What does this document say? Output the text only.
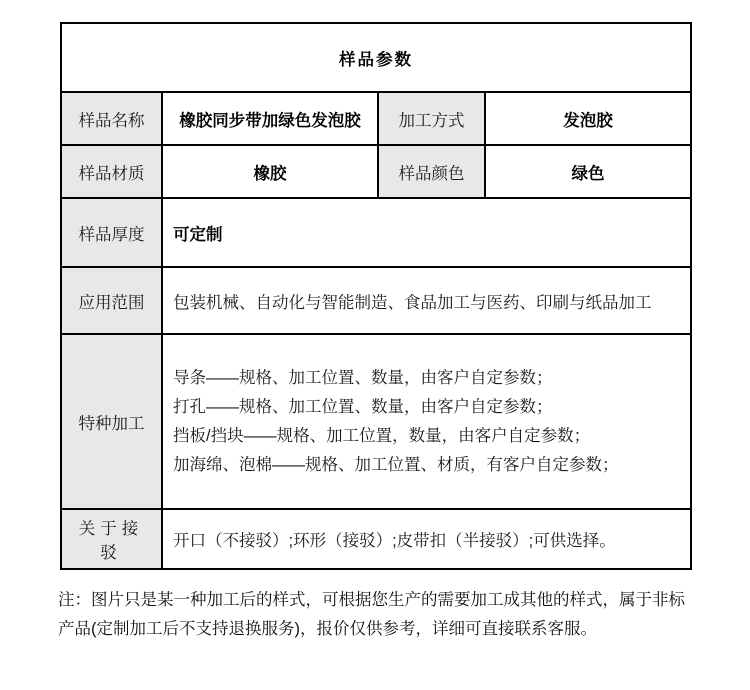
样品参数			
样品名称	橡胶同步带加绿色发泡胶	加工方式	发泡胶
样品材质	橡胶	样品颜色	绿色
样品厚度	可定制		
应用范围	包装机械、自动化与智能制造、食品加工与医药、印刷与纸品加工		
特种加工	导条——规格、加工位置、数量，由客户自定参数；
打孔——规格、加工位置、数量，由客户自定参数；
挡板/挡块——规格、加工位置，数量，由客户自定参数；
加海绵、泡棉——规格、加工位置、材质，有客户自定参数；		

关于接驳	开口（不接驳）;环形（接驳）;皮带扣（半接驳）;可供选择。		
注：图片只是某一种加工后的样式，可根据您生产的需要加工成其他的样式，属于非标
产品(定制加工后不支持退换服务)，报价仅供参考，详细可直接联系客服。
